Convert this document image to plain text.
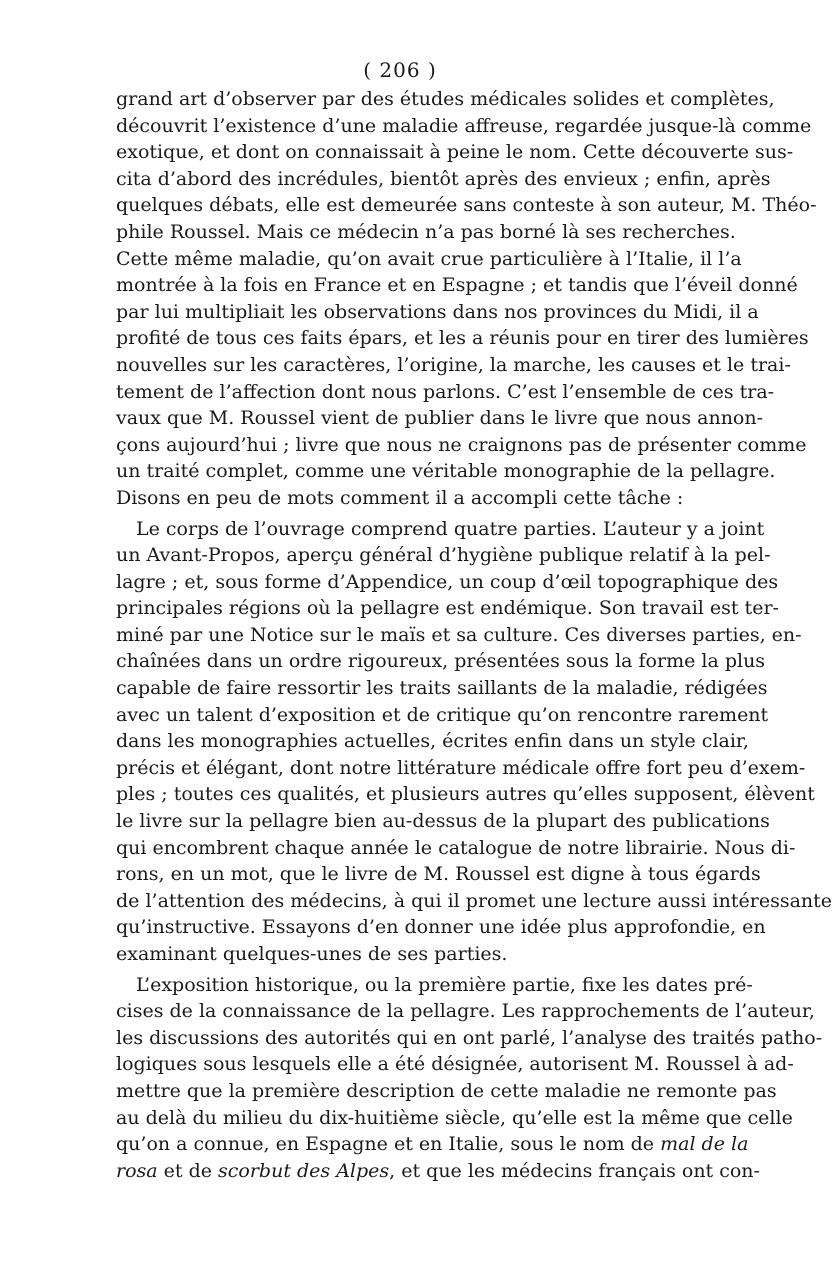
( 206 )
grand art d’observer par des études médicales solides et complètes,
découvrit l’existence d’une maladie affreuse, regardée jusque-là comme
exotique, et dont on connaissait à peine le nom. Cette découverte sus-
cita d’abord des incrédules, bientôt après des envieux ; enfin, après
quelques débats, elle est demeurée sans conteste à son auteur, M. Théo-
phile Roussel. Mais ce médecin n’a pas borné là ses recherches.
Cette même maladie, qu’on avait crue particulière à l’Italie, il l’a
montrée à la fois en France et en Espagne ; et tandis que l’éveil donné
par lui multipliait les observations dans nos provinces du Midi, il a
profité de tous ces faits épars, et les a réunis pour en tirer des lumières
nouvelles sur les caractères, l’origine, la marche, les causes et le trai-
tement de l’affection dont nous parlons. C’est l’ensemble de ces tra-
vaux que M. Roussel vient de publier dans le livre que nous annon-
çons aujourd’hui ; livre que nous ne craignons pas de présenter comme
un traité complet, comme une véritable monographie de la pellagre.
Disons en peu de mots comment il a accompli cette tâche :
Le corps de l’ouvrage comprend quatre parties. L’auteur y a joint
un Avant-Propos, aperçu général d’hygiène publique relatif à la pel-
lagre ; et, sous forme d’Appendice, un coup d’œil topographique des
principales régions où la pellagre est endémique. Son travail est ter-
miné par une Notice sur le maïs et sa culture. Ces diverses parties, en-
chaînées dans un ordre rigoureux, présentées sous la forme la plus
capable de faire ressortir les traits saillants de la maladie, rédigées
avec un talent d’exposition et de critique qu’on rencontre rarement
dans les monographies actuelles, écrites enfin dans un style clair,
précis et élégant, dont notre littérature médicale offre fort peu d’exem-
ples ; toutes ces qualités, et plusieurs autres qu’elles supposent, élèvent
le livre sur la pellagre bien au-dessus de la plupart des publications
qui encombrent chaque année le catalogue de notre librairie. Nous di-
rons, en un mot, que le livre de M. Roussel est digne à tous égards
de l’attention des médecins, à qui il promet une lecture aussi intéressante
qu’instructive. Essayons d’en donner une idée plus approfondie, en
examinant quelques-unes de ses parties.
L’exposition historique, ou la première partie, fixe les dates pré-
cises de la connaissance de la pellagre. Les rapprochements de l’auteur,
les discussions des autorités qui en ont parlé, l’analyse des traités patho-
logiques sous lesquels elle a été désignée, autorisent M. Roussel à ad-
mettre que la première description de cette maladie ne remonte pas
au delà du milieu du dix-huitième siècle, qu’elle est la même que celle
qu’on a connue, en Espagne et en Italie, sous le nom de mal de la
rosa et de scorbut des Alpes, et que les médecins français ont con-
